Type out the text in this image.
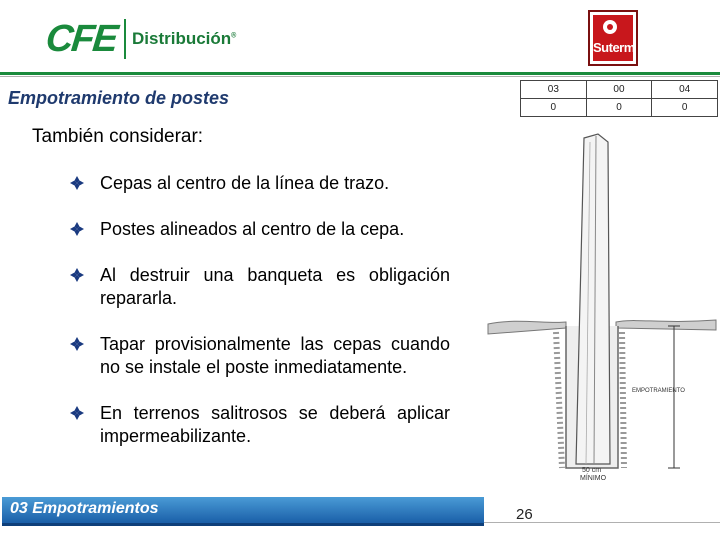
CFE Distribución®
Suterm
Empotramiento de postes	03	00	04
0	0	0
También considerar:
Cepas al centro de la línea de trazo.
Postes alineados al centro de la cepa.
Al destruir una banqueta es obligación repararla.
Tapar provisionalmente las cepas cuando no se instale el poste inmediatamente.
En terrenos salitrosos se deberá aplicar impermeabilizante.
EMPOTRAMIENTO
50 cm
MÍNIMO
03 Empotramientos	26
